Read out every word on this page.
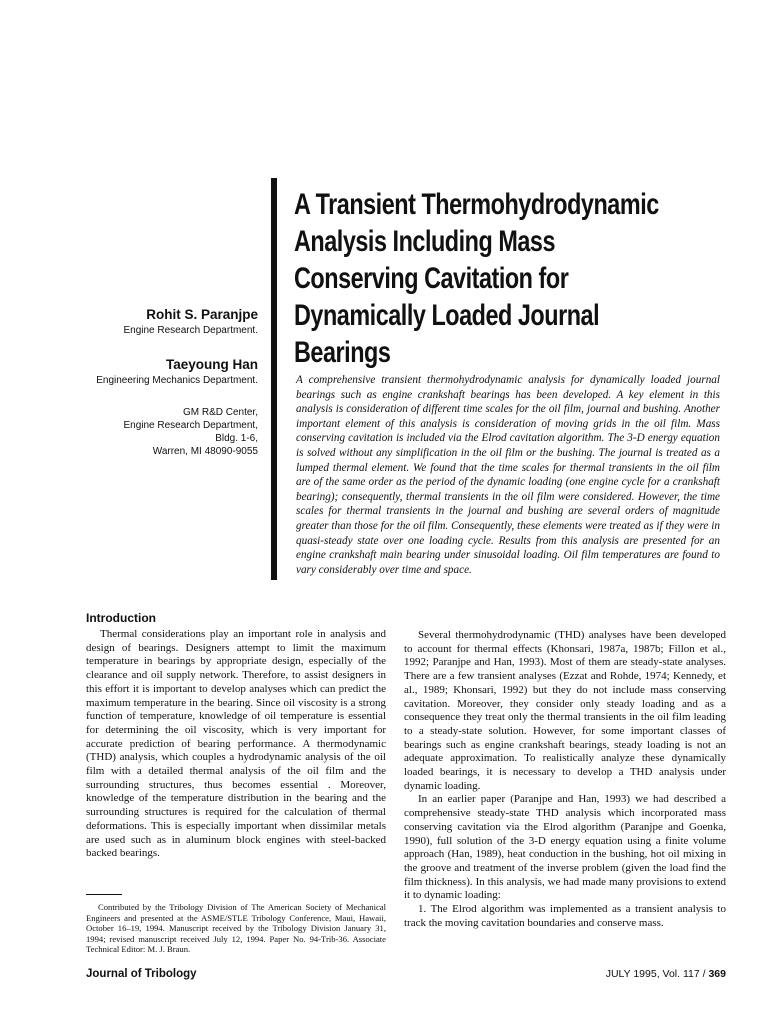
A Transient Thermohydrodynamic
Analysis Including Mass
Conserving Cavitation for
Dynamically Loaded Journal
Bearings
Rohit S. Paranjpe
Engine Research Department.
Taeyoung Han
Engineering Mechanics Department.
GM R&D Center,
Engine Research Department,
Bldg. 1-6,
Warren, MI 48090-9055
A comprehensive transient thermohydrodynamic analysis for dynamically loaded journal bearings such as engine crankshaft bearings has been developed. A key element in this analysis is consideration of different time scales for the oil film, journal and bushing. Another important element of this analysis is consideration of moving grids in the oil film. Mass conserving cavitation is included via the Elrod cavitation algorithm. The 3-D energy equation is solved without any simplification in the oil film or the bushing. The journal is treated as a lumped thermal element. We found that the time scales for thermal transients in the oil film are of the same order as the period of the dynamic loading (one engine cycle for a crankshaft bearing); consequently, thermal transients in the oil film were considered. However, the time scales for thermal transients in the journal and bushing are several orders of magnitude greater than those for the oil film. Consequently, these elements were treated as if they were in quasi-steady state over one loading cycle. Results from this analysis are presented for an engine crankshaft main bearing under sinusoidal loading. Oil film temperatures are found to vary considerably over time and space.
Introduction

Thermal considerations play an important role in analysis and design of bearings. Designers attempt to limit the maximum temperature in bearings by appropriate design, especially of the clearance and oil supply network. Therefore, to assist designers in this effort it is important to develop analyses which can predict the maximum temperature in the bearing. Since oil viscosity is a strong function of temperature, knowledge of oil temperature is essential for determining the oil viscosity, which is very important for accurate prediction of bearing performance. A thermodynamic (THD) analysis, which couples a hydrodynamic analysis of the oil film with a detailed thermal analysis of the oil film and the surrounding structures, thus becomes essential . Moreover, knowledge of the temperature distribution in the bearing and the surrounding structures is required for the calculation of thermal deformations. This is especially important when dissimilar metals are used such as in aluminum block engines with steel-backed backed bearings.

Several thermohydrodynamic (THD) analyses have been developed to account for thermal effects (Khonsari, 1987a, 1987b; Fillon et al., 1992; Paranjpe and Han, 1993). Most of them are steady-state analyses. There are a few transient analyses (Ezzat and Rohde, 1974; Kennedy, et al., 1989; Khonsari, 1992) but they do not include mass conserving cavitation. Moreover, they consider only steady loading and as a consequence they treat only the thermal transients in the oil film leading to a steady-state solution. However, for some important classes of bearings such as engine crankshaft bearings, steady loading is not an adequate approximation. To realistically analyze these dynamically loaded bearings, it is necessary to develop a THD analysis under dynamic loading.

In an earlier paper (Paranjpe and Han, 1993) we had described a comprehensive steady-state THD analysis which incorporated mass conserving cavitation via the Elrod algorithm (Paranjpe and Goenka, 1990), full solution of the 3-D energy equation using a finite volume approach (Han, 1989), heat conduction in the bushing, hot oil mixing in the groove and treatment of the inverse problem (given the load find the film thickness). In this analysis, we had made many provisions to extend it to dynamic loading:

1. The Elrod algorithm was implemented as a transient analysis to track the moving cavitation boundaries and conserve mass.

Contributed by the Tribology Division of The American Society of Mechanical Engineers and presented at the ASME/STLE Tribology Conference, Maui, Hawaii, October 16–19, 1994. Manuscript received by the Tribology Division January 31, 1994; revised manuscript received July 12, 1994. Paper No. 94-Trib-36. Associate Technical Editor: M. J. Braun.
Journal of Tribology	JULY 1995, Vol. 117 / 369
